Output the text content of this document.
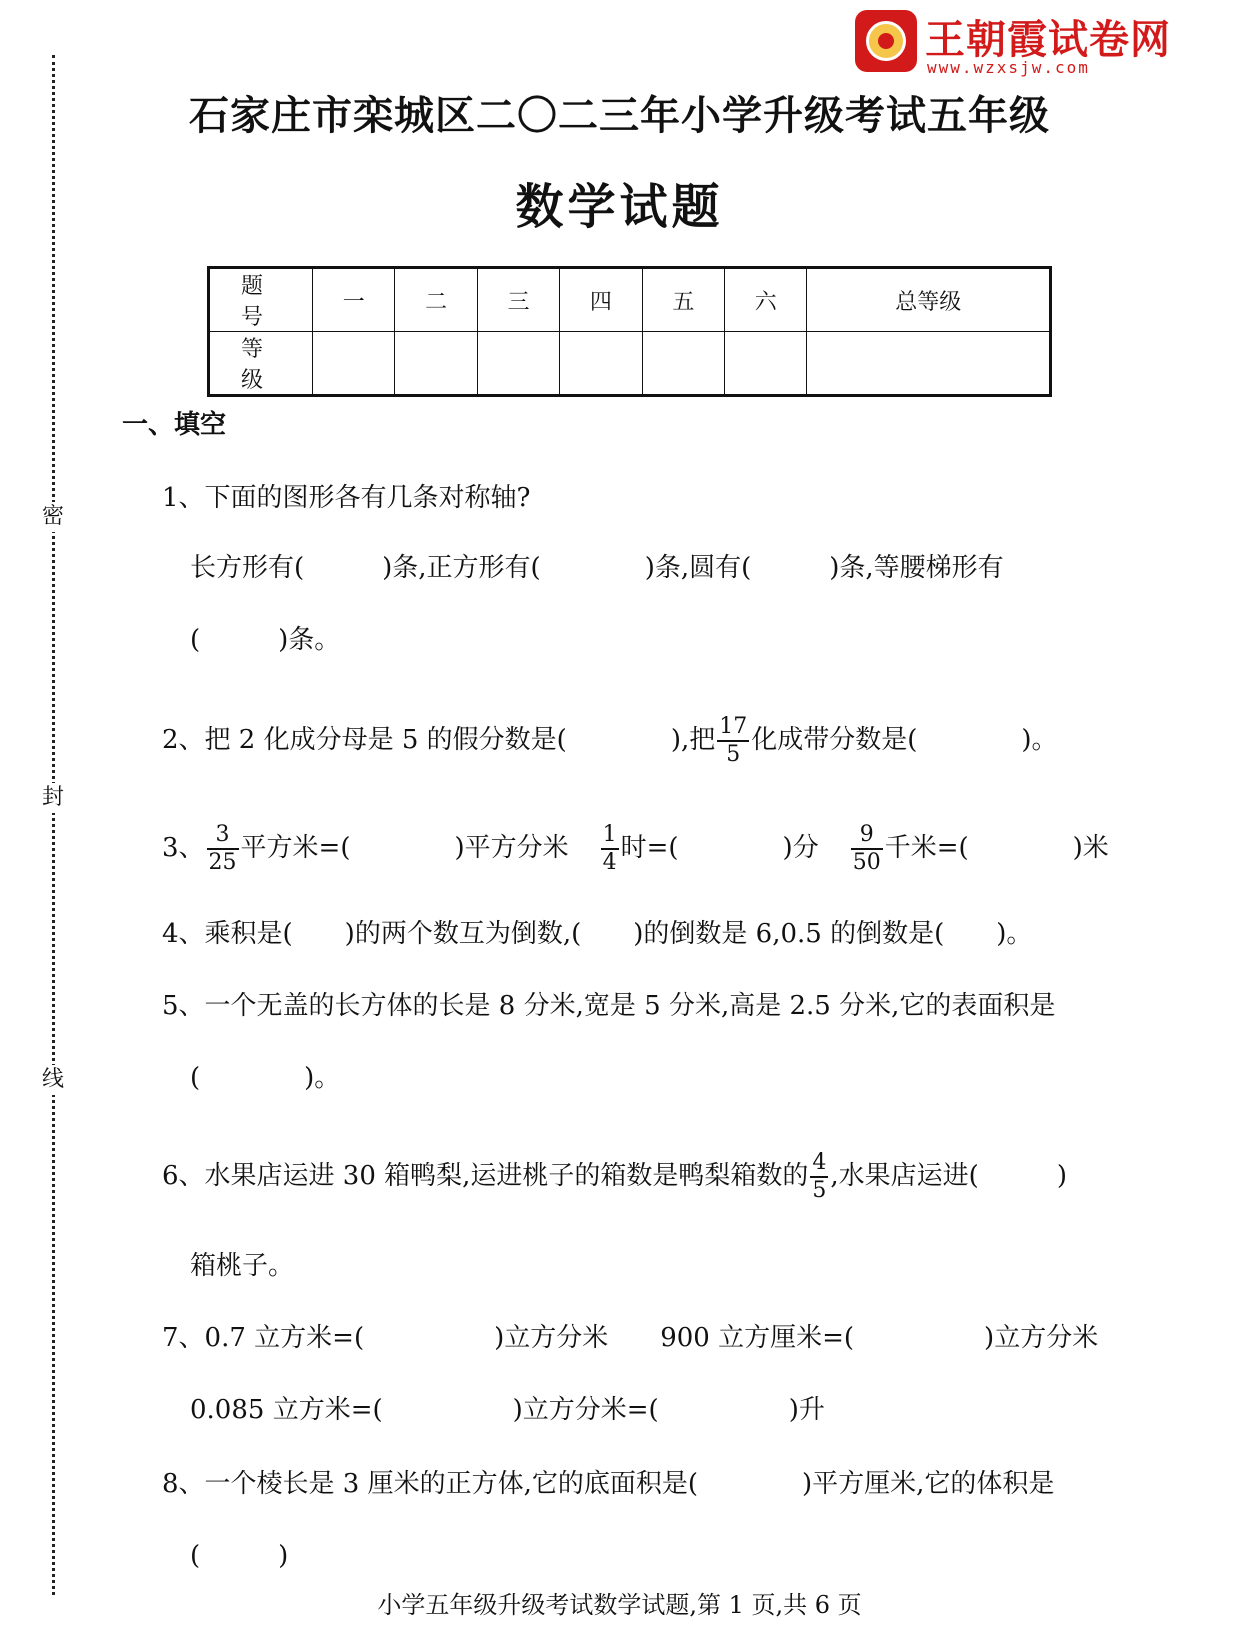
密
封
线
王朝霞试卷网
www.wzxsjw.com
石家庄市栾城区二〇二三年小学升级考试五年级
数学试题
题　号	一	二	三	四	五	六	总等级
等　级							
一、填空
1、下面的图形各有几条对称轴?
长方形有(　　　)条,正方形有(　　　　)条,圆有(　　　)条,等腰梯形有
(　　　)条。
2、把 2 化成分母是 5 的假分数是(　　　　),把 $\frac{17}{5}$ 化成带分数是(　　　　)。
3、 $\frac{3}{25}$ 平方米=(　　　　)平方分米 $\frac{1}{4}$ 时=(　　　　)分 $\frac{9}{50}$ 千米=(　　　　)米
4、乘积是(　　)的两个数互为倒数,(　　)的倒数是 6,0.5 的倒数是(　　)。
5、一个无盖的长方体的长是 8 分米,宽是 5 分米,高是 2.5 分米,它的表面积是
(　　　　)。
6、水果店运进 30 箱鸭梨,运进桃子的箱数是鸭梨箱数的 $\frac{4}{5}$ ,水果店运进(　　　)
箱桃子。
7、0.7 立方米=(　　　　　)立方分米　　900 立方厘米=(　　　　　)立方分米
0.085 立方米=(　　　　　)立方分米=(　　　　　)升
8、一个棱长是 3 厘米的正方体,它的底面积是(　　　　)平方厘米,它的体积是
(　　　)
小学五年级升级考试数学试题,第 1 页,共 6 页
